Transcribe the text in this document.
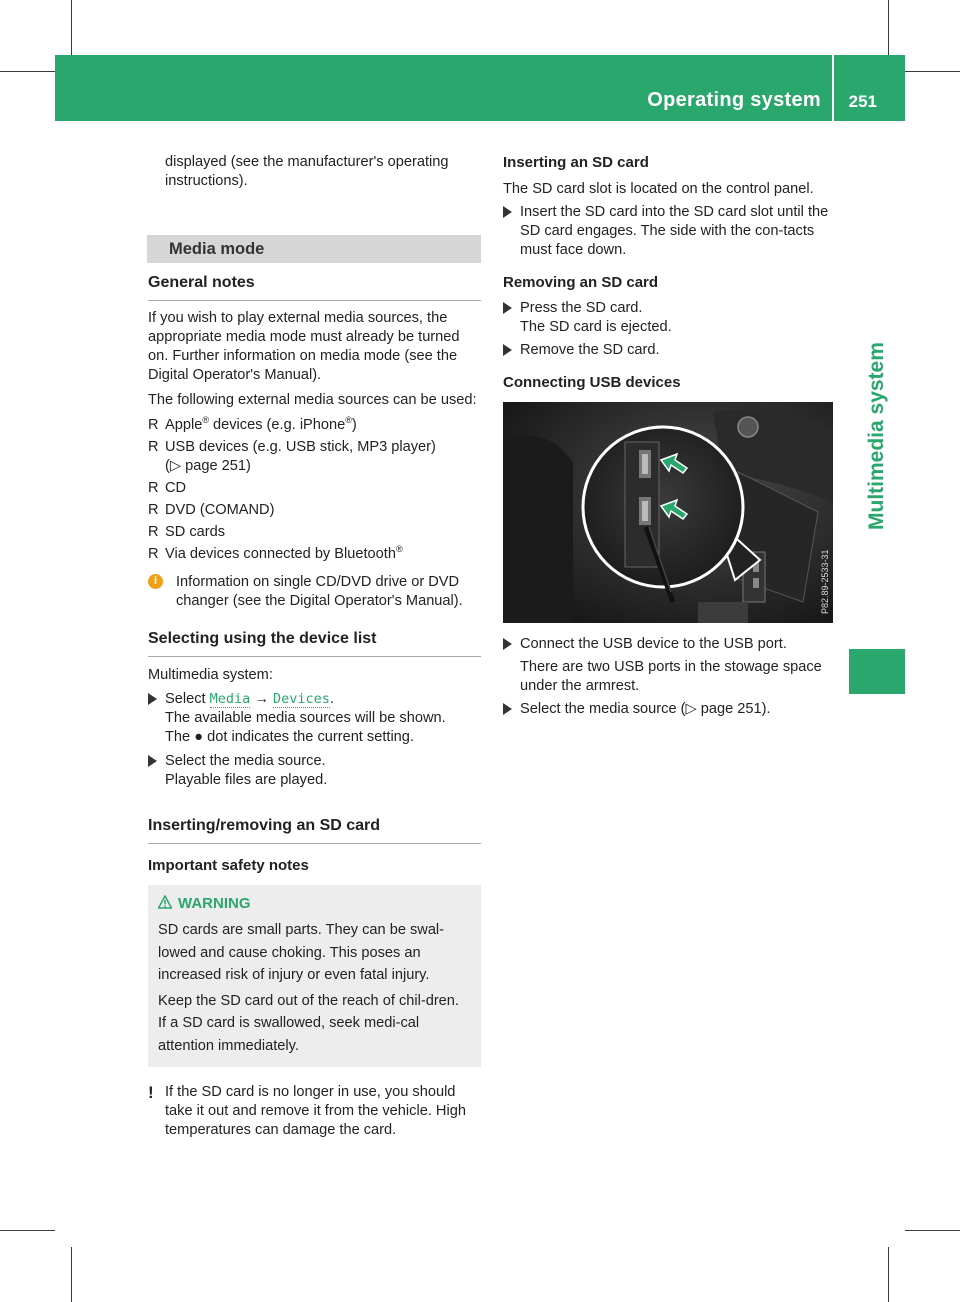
Operating system 251
Multimedia system

displayed (see the manufacturer's operating instructions).

Media mode
General notes

If you wish to play external media sources, the appropriate media mode must already be turned on. Further information on media mode (see the Digital Operator's Manual).

The following external media sources can be used:

R Apple® devices (e.g. iPhone®)
R USB devices (e.g. USB stick, MP3 player)
(▷ page 251)
R CD
R DVD (COMAND)
R SD cards
R Via devices connected by Bluetooth®
i	Information on single CD/DVD drive or DVD changer (see the Digital Operator's Manual).

Selecting using the device list

Multimedia system:

Select Media → Devices.
The available media sources will be shown.
The ● dot indicates the current setting.
Select the media source.
Playable files are played.
Inserting/removing an SD card
Important safety notes
WARNING

SD cards are small parts. They can be swal-lowed and cause choking. This poses an increased risk of injury or even fatal injury.

Keep the SD card out of the reach of chil-dren. If a SD card is swallowed, seek medi-cal attention immediately.

! If the SD card is no longer in use, you should take it out and remove it from the vehicle. High temperatures can damage the card.

Inserting an SD card

The SD card slot is located on the control panel.

Insert the SD card into the SD card slot until the SD card engages. The side with the con-tacts must face down.

Removing an SD card
Press the SD card.
The SD card is ejected.
Remove the SD card.
Connecting USB devices
P82.89-2533-31
Connect the USB device to the USB port.

There are two USB ports in the stowage space under the armrest.

Select the media source (▷ page 251).
